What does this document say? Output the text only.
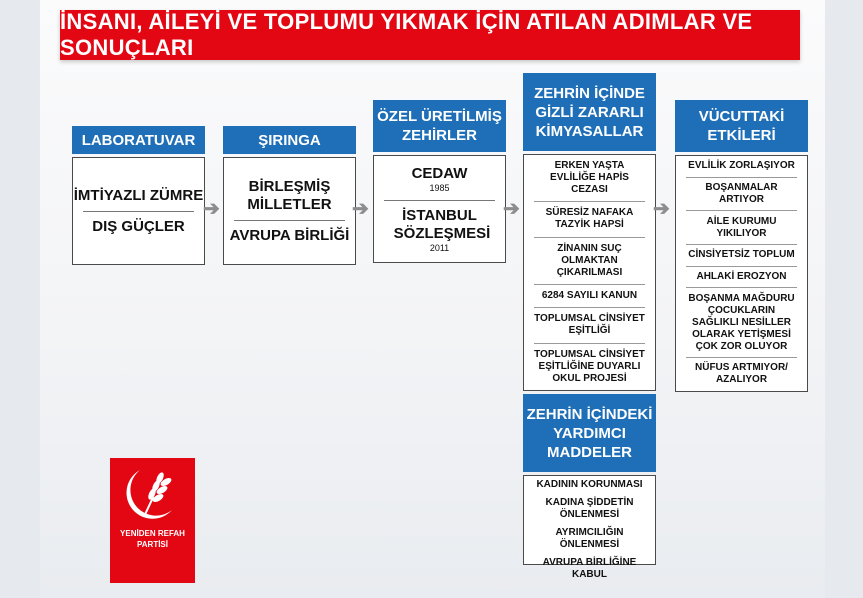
İNSANI, AİLEYİ VE TOPLUMU YIKMAK İÇİN ATILAN ADIMLAR VE SONUÇLARI
LABORATUVAR
İMTİYAZLI ZÜMRE
DIŞ GÜÇLER
➔
ŞIRINGA
BİRLEŞMİŞ MİLLETLER
AVRUPA BİRLİĞİ
➔
ÖZEL ÜRETİLMİŞ
ZEHİRLER
CEDAW
1985
İSTANBUL SÖZLEŞMESİ
2011
➔
ZEHRİN İÇİNDE
GİZLİ ZARARLI
KİMYASALLAR
ERKEN YAŞTA EVLİLİĞE HAPİS CEZASI
SÜRESİZ NAFAKA TAZYİK HAPSİ
ZİNANIN SUÇ OLMAKTAN ÇIKARILMASI
6284 SAYILI KANUN
TOPLUMSAL CİNSİYET EŞİTLİĞİ
TOPLUMSAL CİNSİYET EŞİTLİĞİNE DUYARLI OKUL PROJESİ
ZEHRİN İÇİNDEKİ
YARDIMCI
MADDELER
KADININ KORUNMASI
KADINA ŞİDDETİN ÖNLENMESİ
AYRIMCILIĞIN ÖNLENMESİ
AVRUPA BİRLİĞİNE KABUL
➔
VÜCUTTAKİ
ETKİLERİ
EVLİLİK ZORLAŞIYOR
BOŞANMALAR ARTIYOR
AİLE KURUMU YIKILIYOR
CİNSİYETSİZ TOPLUM
AHLAKİ EROZYON
BOŞANMA MAĞDURU ÇOCUKLARIN SAĞLIKLI NESİLLER OLARAK YETİŞMESİ ÇOK ZOR OLUYOR
NÜFUS ARTMIYOR/ AZALIYOR
YENİDEN REFAH
PARTİSİ
